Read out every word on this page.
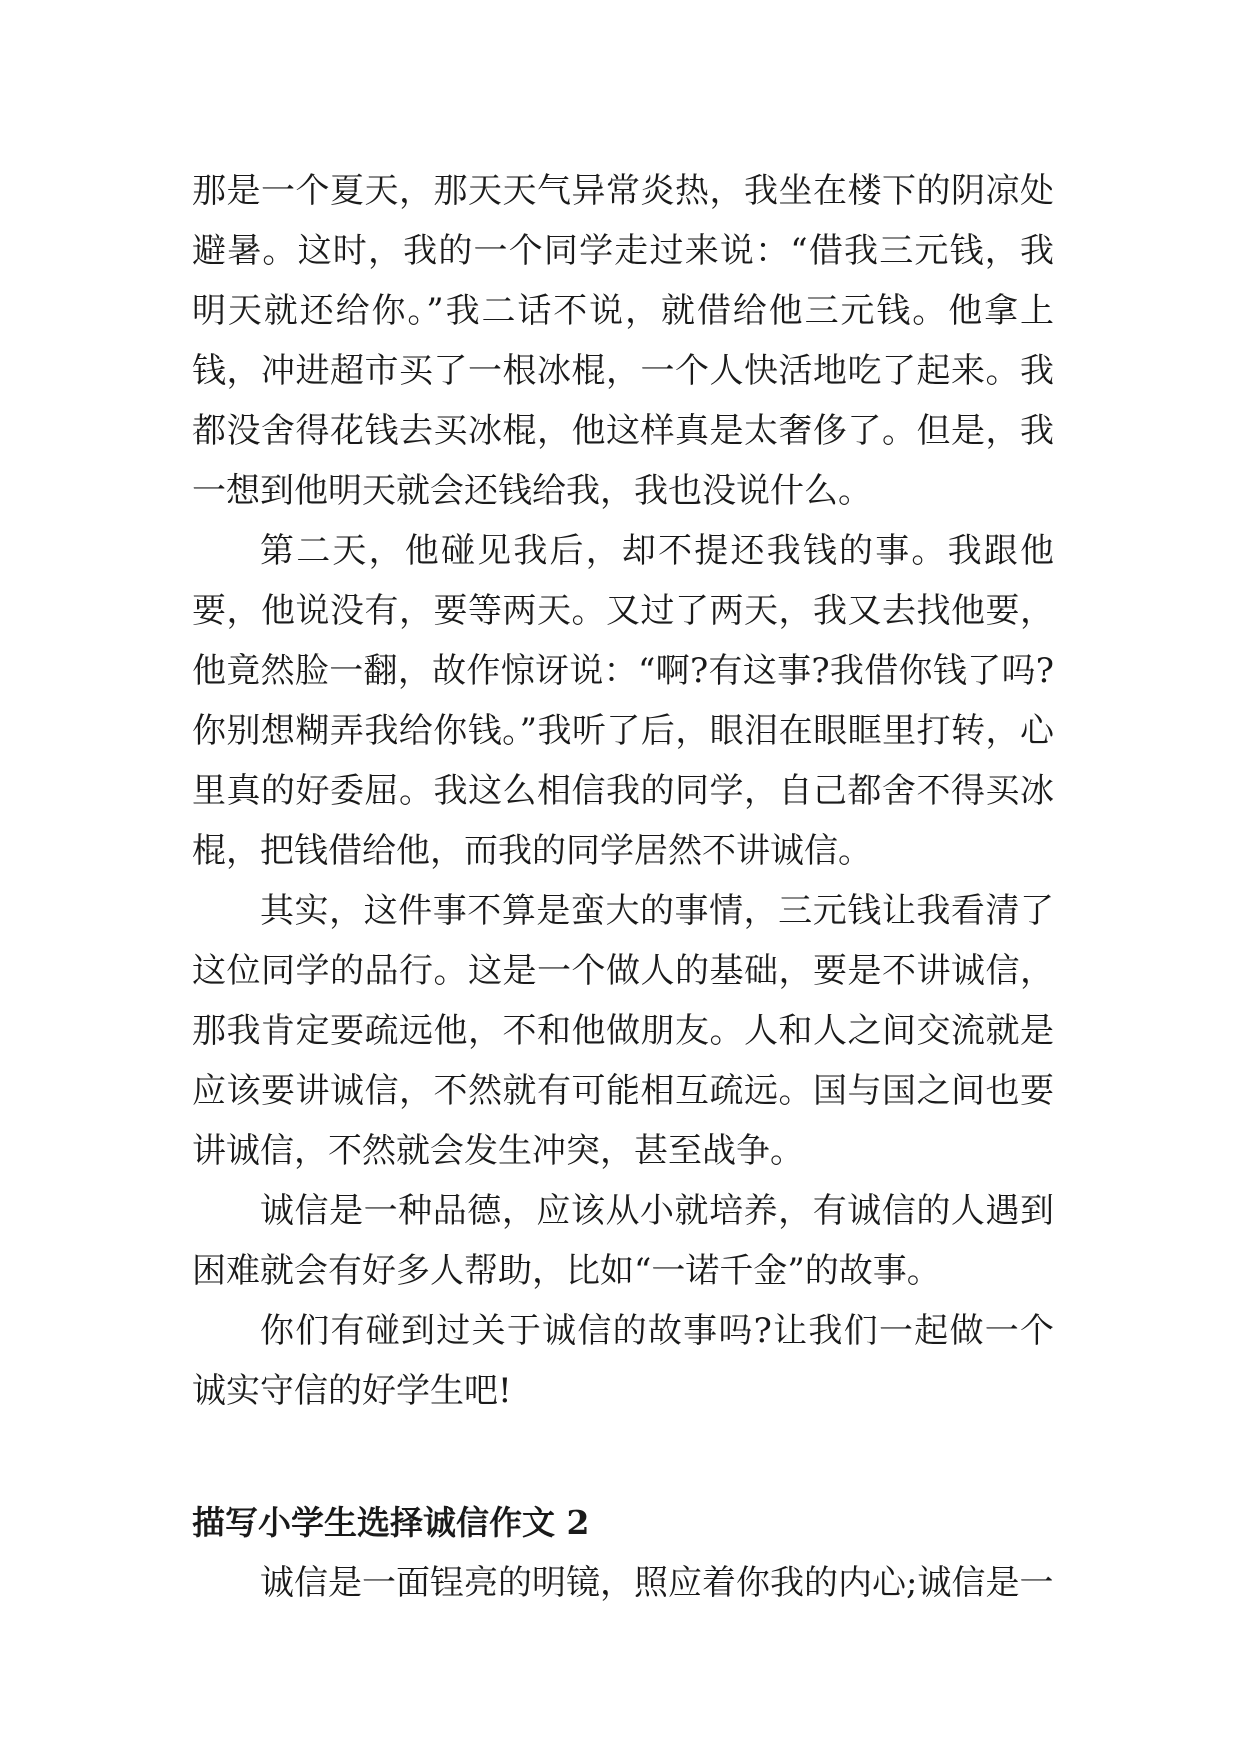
那是一个夏天，那天天气异常炎热，我坐在楼下的阴凉处避暑。这时，我的一个同学走过来说：“借我三元钱，我明天就还给你。”我二话不说，就借给他三元钱。他拿上钱，冲进超市买了一根冰棍，一个人快活地吃了起来。我都没舍得花钱去买冰棍，他这样真是太奢侈了。但是，我一想到他明天就会还钱给我，我也没说什么。

第二天，他碰见我后，却不提还我钱的事。我跟他要，他说没有，要等两天。又过了两天，我又去找他要，他竟然脸一翻，故作惊讶说：“啊?有这事?我借你钱了吗?你别想糊弄我给你钱。”我听了后，眼泪在眼眶里打转，心里真的好委屈。我这么相信我的同学，自己都舍不得买冰棍，把钱借给他，而我的同学居然不讲诚信。

其实，这件事不算是蛮大的事情，三元钱让我看清了这位同学的品行。这是一个做人的基础，要是不讲诚信，那我肯定要疏远他，不和他做朋友。人和人之间交流就是应该要讲诚信，不然就有可能相互疏远。国与国之间也要讲诚信，不然就会发生冲突，甚至战争。

诚信是一种品德，应该从小就培养，有诚信的人遇到困难就会有好多人帮助，比如“一诺千金”的故事。

你们有碰到过关于诚信的故事吗?让我们一起做一个诚实守信的好学生吧!

描写小学生选择诚信作文 2

诚信是一面锃亮的明镜，照应着你我的内心;诚信是一
